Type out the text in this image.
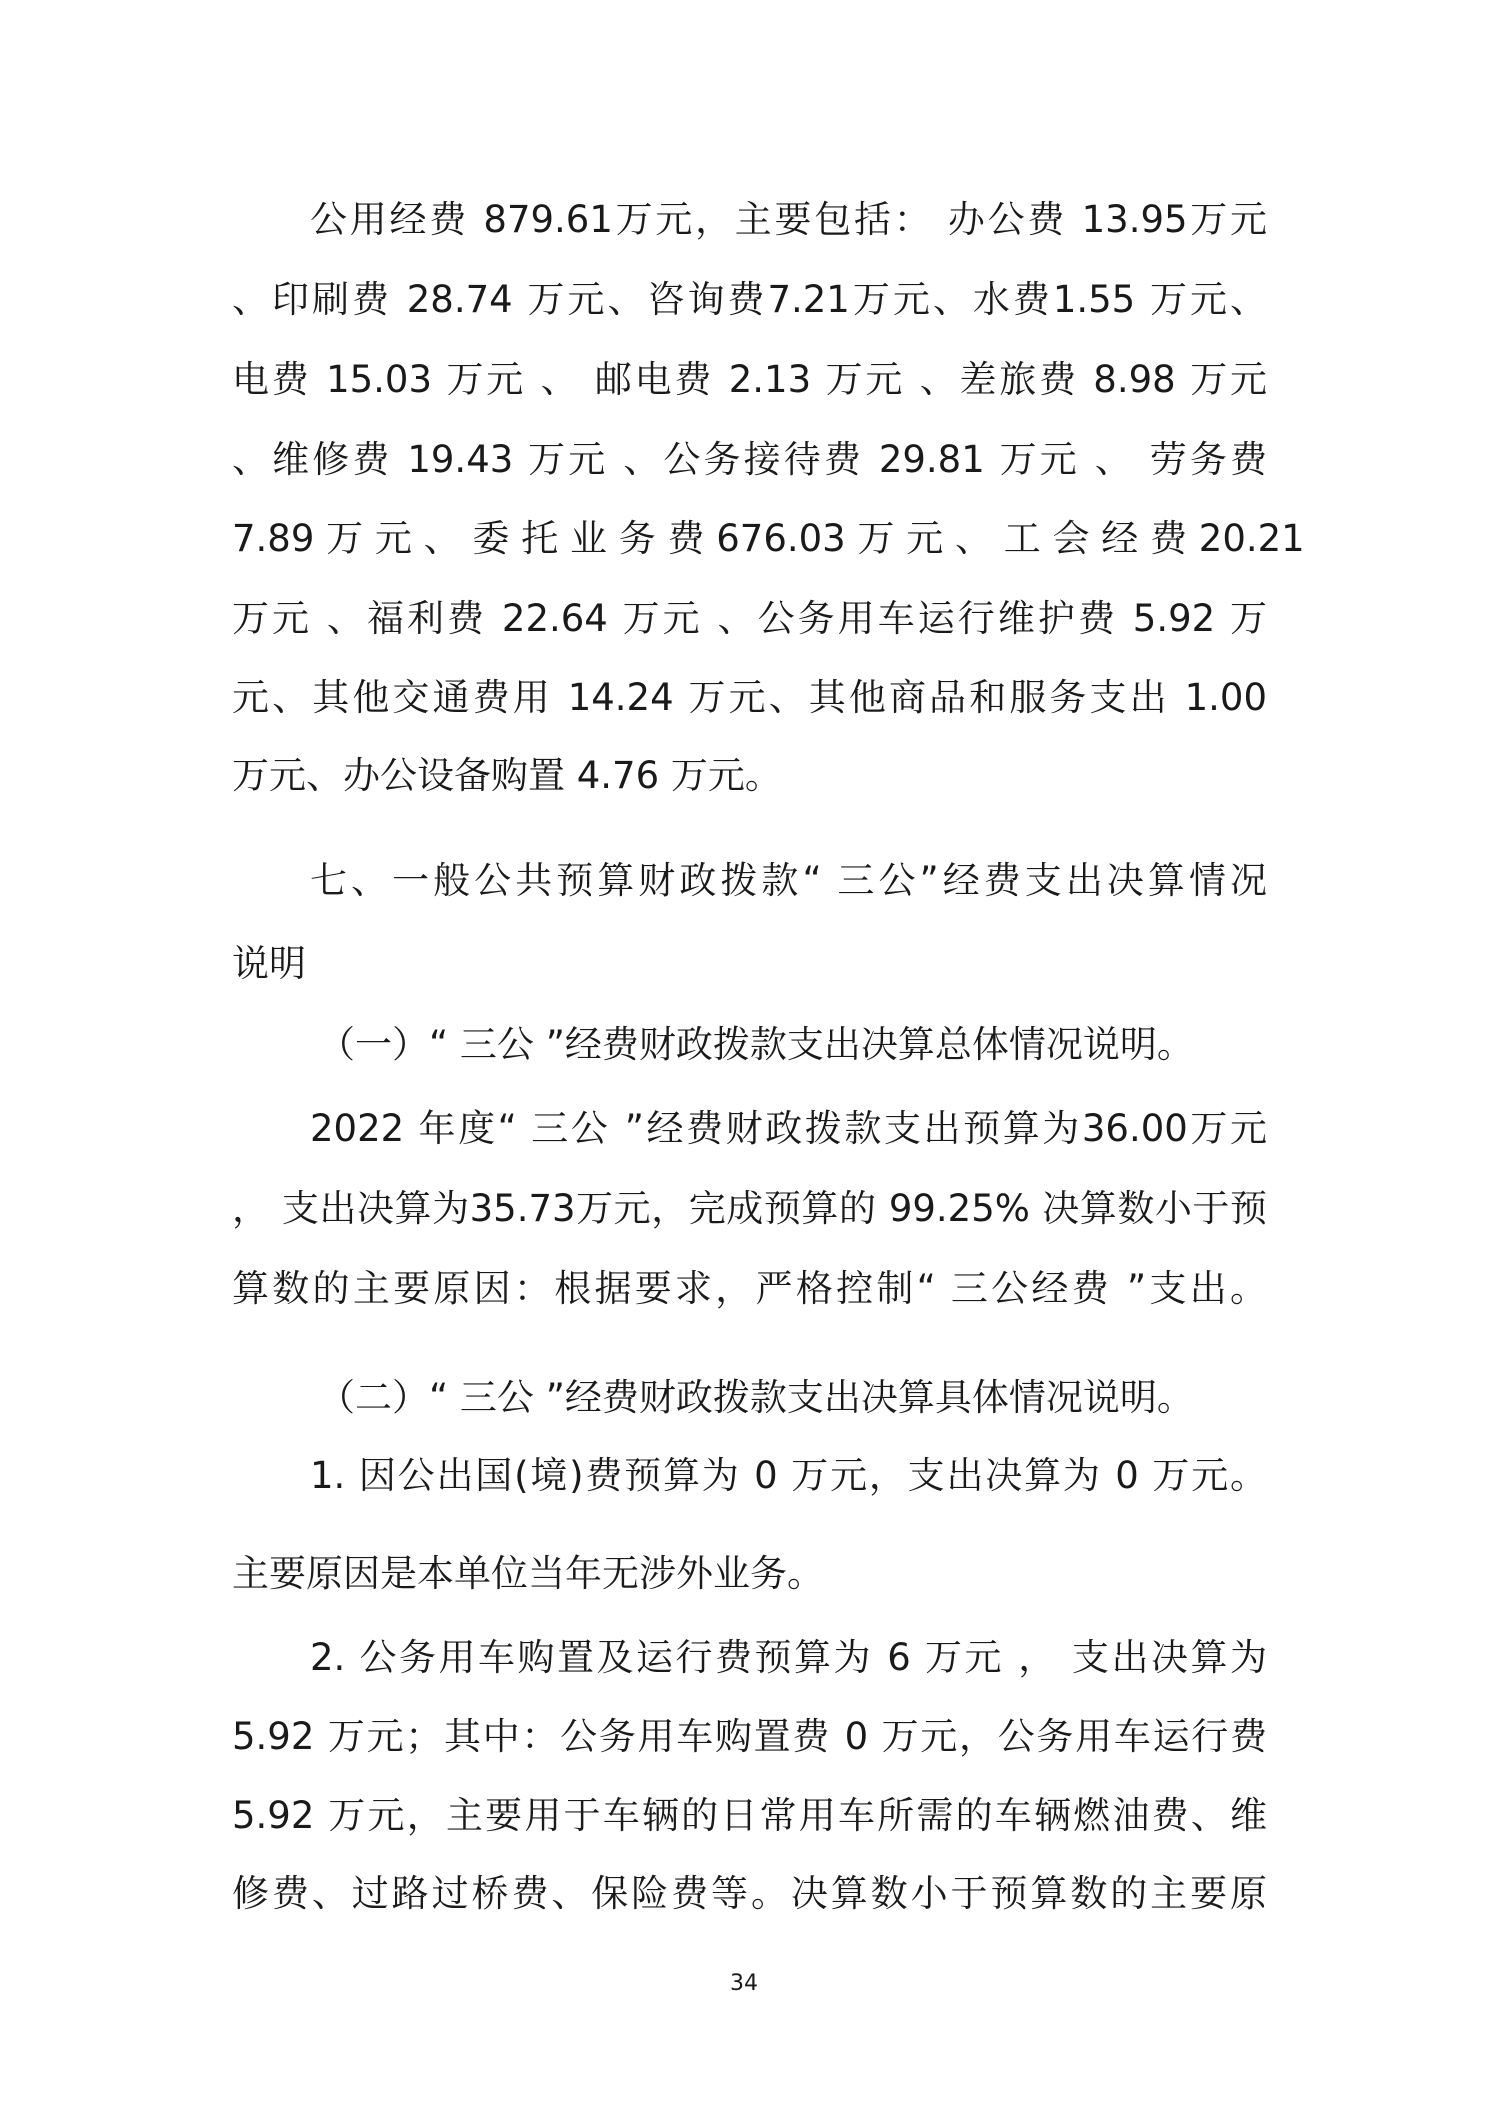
公用经费 879.61万元，主要包括： 办公费 13.95万元
、印刷费 28.74 万元、咨询费7.21万元、水费1.55 万元、
电费 15.03 万元 、 邮电费 2.13 万元 、差旅费 8.98 万元
、维修费 19.43 万元 、公务接待费 29.81 万元 、 劳务费
7.89 万 元 、 委 托 业 务 费 676.03 万 元 、 工 会 经 费 20.21
万元 、福利费 22.64 万元 、公务用车运行维护费 5.92 万
元、其他交通费用 14.24 万元、其他商品和服务支出 1.00
万元、办公设备购置 4.76 万元。
七、一般公共预算财政拨款“ 三公”经费支出决算情况
说明
（一）“ 三公 ”经费财政拨款支出决算总体情况说明。
2022 年度“ 三公 ”经费财政拨款支出预算为36.00万元
， 支出决算为35.73万元，完成预算的 99.25% 决算数小于预
算数的主要原因：根据要求，严格控制“ 三公经费 ”支出。
（二）“ 三公 ”经费财政拨款支出决算具体情况说明。
1. 因公出国(境)费预算为 0 万元，支出决算为 0 万元。
主要原因是本单位当年无涉外业务。
2. 公务用车购置及运行费预算为 6 万元 ， 支出决算为
5.92 万元；其中：公务用车购置费 0 万元，公务用车运行费
5.92 万元，主要用于车辆的日常用车所需的车辆燃油费、维
修费、过路过桥费、保险费等。决算数小于预算数的主要原
34
